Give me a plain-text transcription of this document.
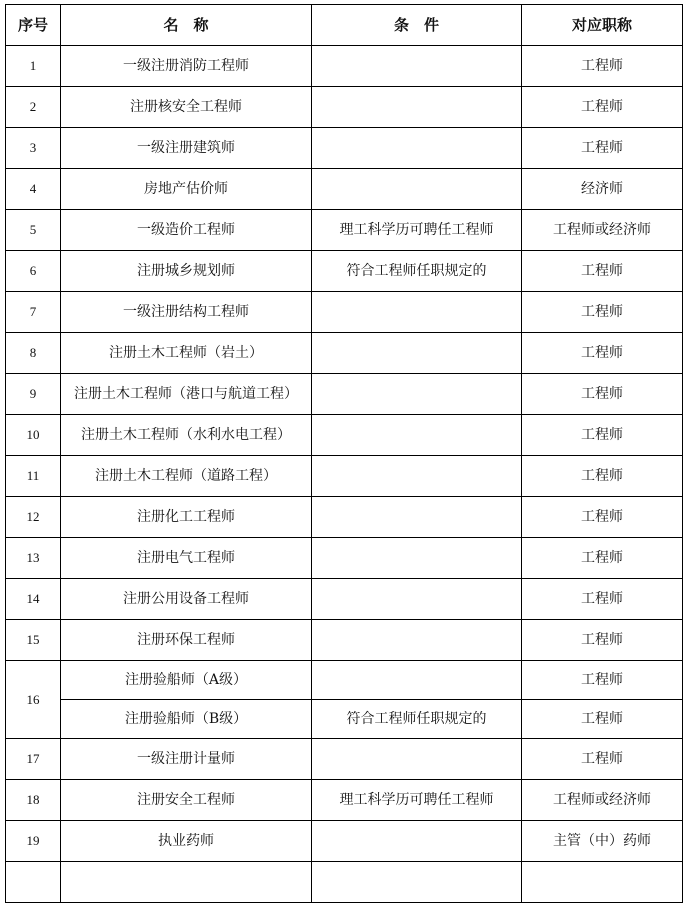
序号	名　称	条　件	对应职称
1	一级注册消防工程师		工程师
2	注册核安全工程师		工程师
3	一级注册建筑师		工程师
4	房地产估价师		经济师
5	一级造价工程师	理工科学历可聘任工程师	工程师或经济师
6	注册城乡规划师	符合工程师任职规定的	工程师
7	一级注册结构工程师		工程师
8	注册土木工程师（岩土）		工程师
9	注册土木工程师（港口与航道工程）		工程师
10	注册土木工程师（水利水电工程）		工程师
11	注册土木工程师（道路工程）		工程师
12	注册化工工程师		工程师
13	注册电气工程师		工程师
14	注册公用设备工程师		工程师
15	注册环保工程师		工程师
16	注册验船师（A级）		工程师
	注册验船师（B级）	符合工程师任职规定的	工程师
17	一级注册计量师		工程师
18	注册安全工程师	理工科学历可聘任工程师	工程师或经济师
19	执业药师		主管（中）药师
